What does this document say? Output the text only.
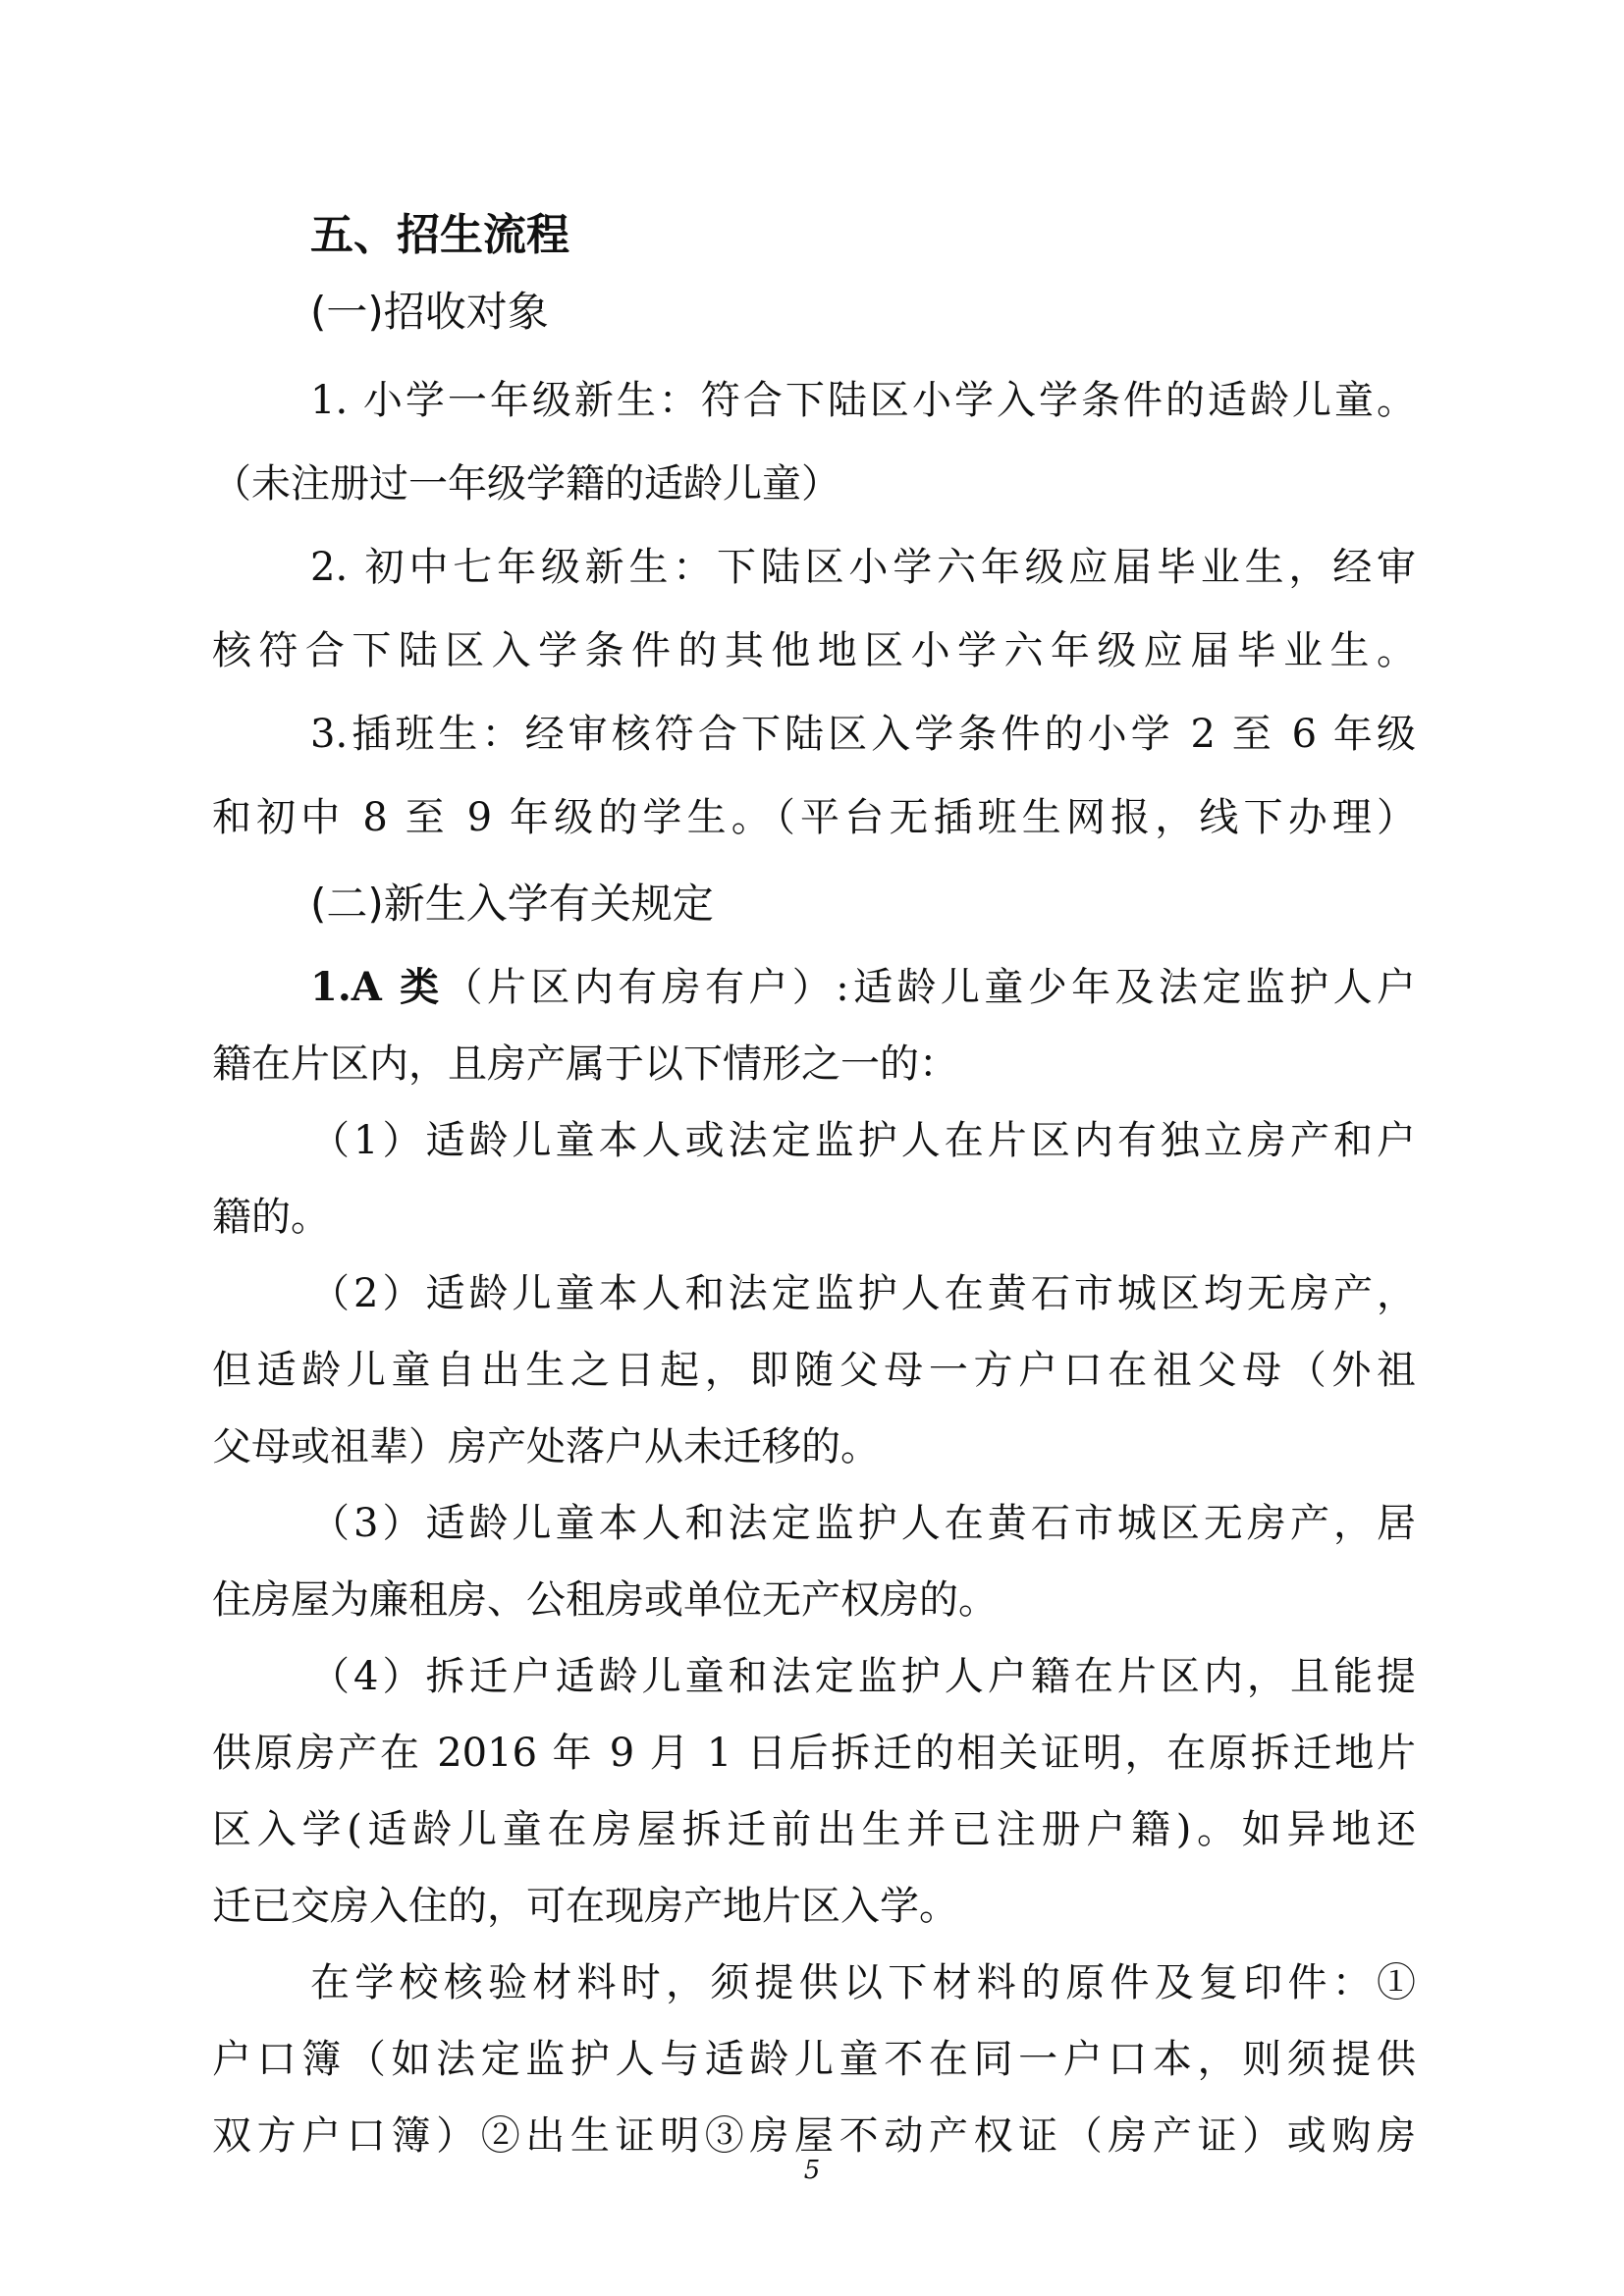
五、招生流程
(一)招收对象
1. 小学一年级新生：符合下陆区小学入学条件的适龄儿童。
（未注册过一年级学籍的适龄儿童）
2. 初中七年级新生：下陆区小学六年级应届毕业生，经审
核符合下陆区入学条件的其他地区小学六年级应届毕业生。
3.插班生：经审核符合下陆区入学条件的小学 2 至 6 年级
和初中 8 至 9 年级的学生。（平台无插班生网报，线下办理）
(二)新生入学有关规定
1.A 类（片区内有房有户）:适龄儿童少年及法定监护人户
籍在片区内，且房产属于以下情形之一的：
（1）适龄儿童本人或法定监护人在片区内有独立房产和户
籍的。
（2）适龄儿童本人和法定监护人在黄石市城区均无房产，
但适龄儿童自出生之日起，即随父母一方户口在祖父母（外祖
父母或祖辈）房产处落户从未迁移的。
（3）适龄儿童本人和法定监护人在黄石市城区无房产，居
住房屋为廉租房、公租房或单位无产权房的。
（4）拆迁户适龄儿童和法定监护人户籍在片区内，且能提
供原房产在 2016 年 9 月 1 日后拆迁的相关证明，在原拆迁地片
区入学(适龄儿童在房屋拆迁前出生并已注册户籍)。如异地还
迁已交房入住的，可在现房产地片区入学。
在学校核验材料时，须提供以下材料的原件及复印件：①
户口簿（如法定监护人与适龄儿童不在同一户口本，则须提供
双方户口簿）②出生证明③房屋不动产权证（房产证）或购房
5
